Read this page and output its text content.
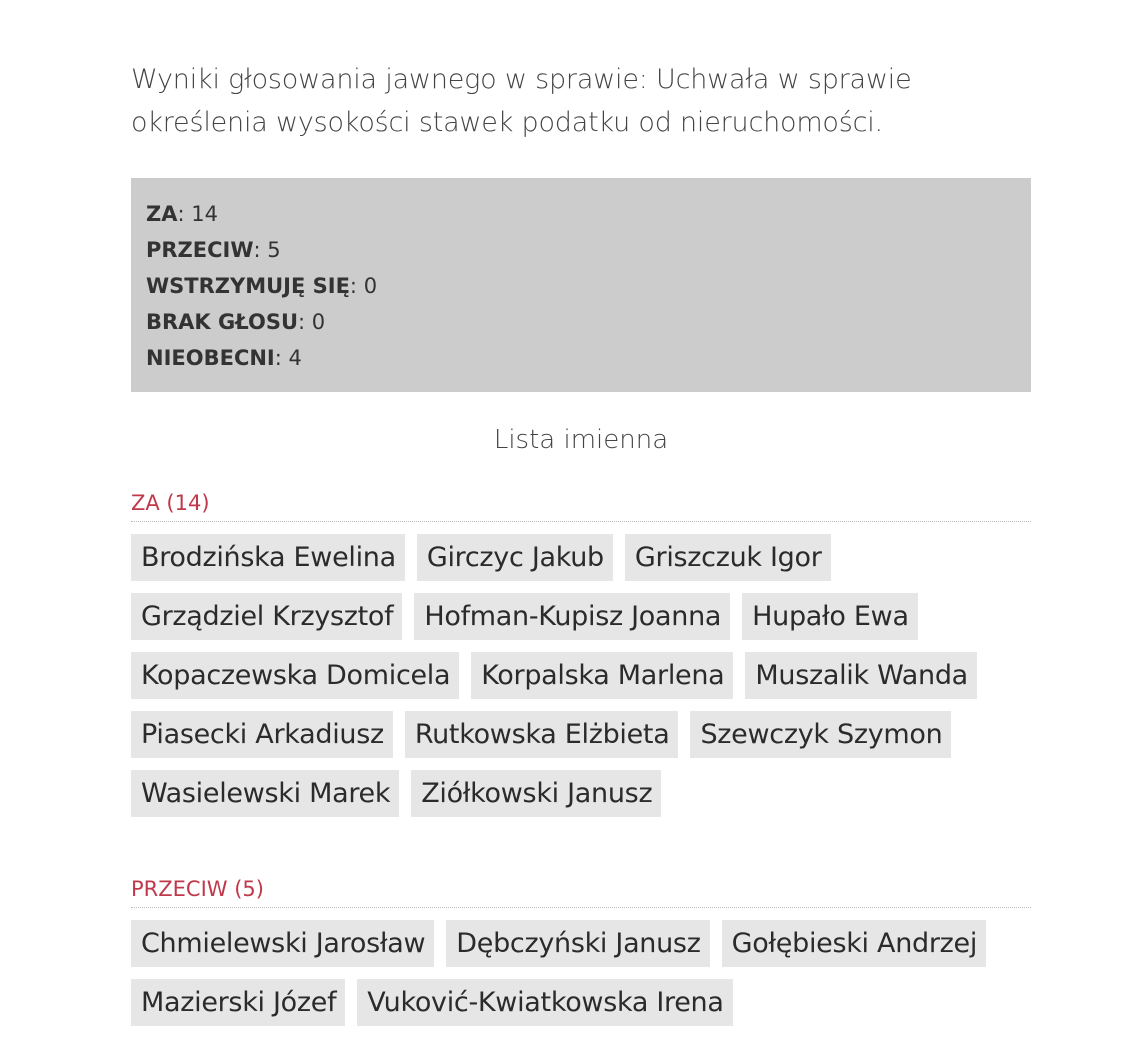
Wyniki głosowania jawnego w sprawie: Uchwała w sprawie określenia wysokości stawek podatku od nieruchomości.
ZA: 14
PRZECIW: 5
WSTRZYMUJĘ SIĘ: 0
BRAK GŁOSU: 0
NIEOBECNI: 4
Lista imienna
ZA (14)
Brodzińska Ewelina	Girczyc Jakub	Griszczuk Igor
Grządziel Krzysztof	Hofman-Kupisz Joanna	Hupało Ewa
Kopaczewska Domicela	Korpalska Marlena	Muszalik Wanda
Piasecki Arkadiusz	Rutkowska Elżbieta	Szewczyk Szymon
Wasielewski Marek	Ziółkowski Janusz
PRZECIW (5)
Chmielewski Jarosław	Dębczyński Janusz	Gołębieski Andrzej
Mazierski Józef	Vuković-Kwiatkowska Irena
